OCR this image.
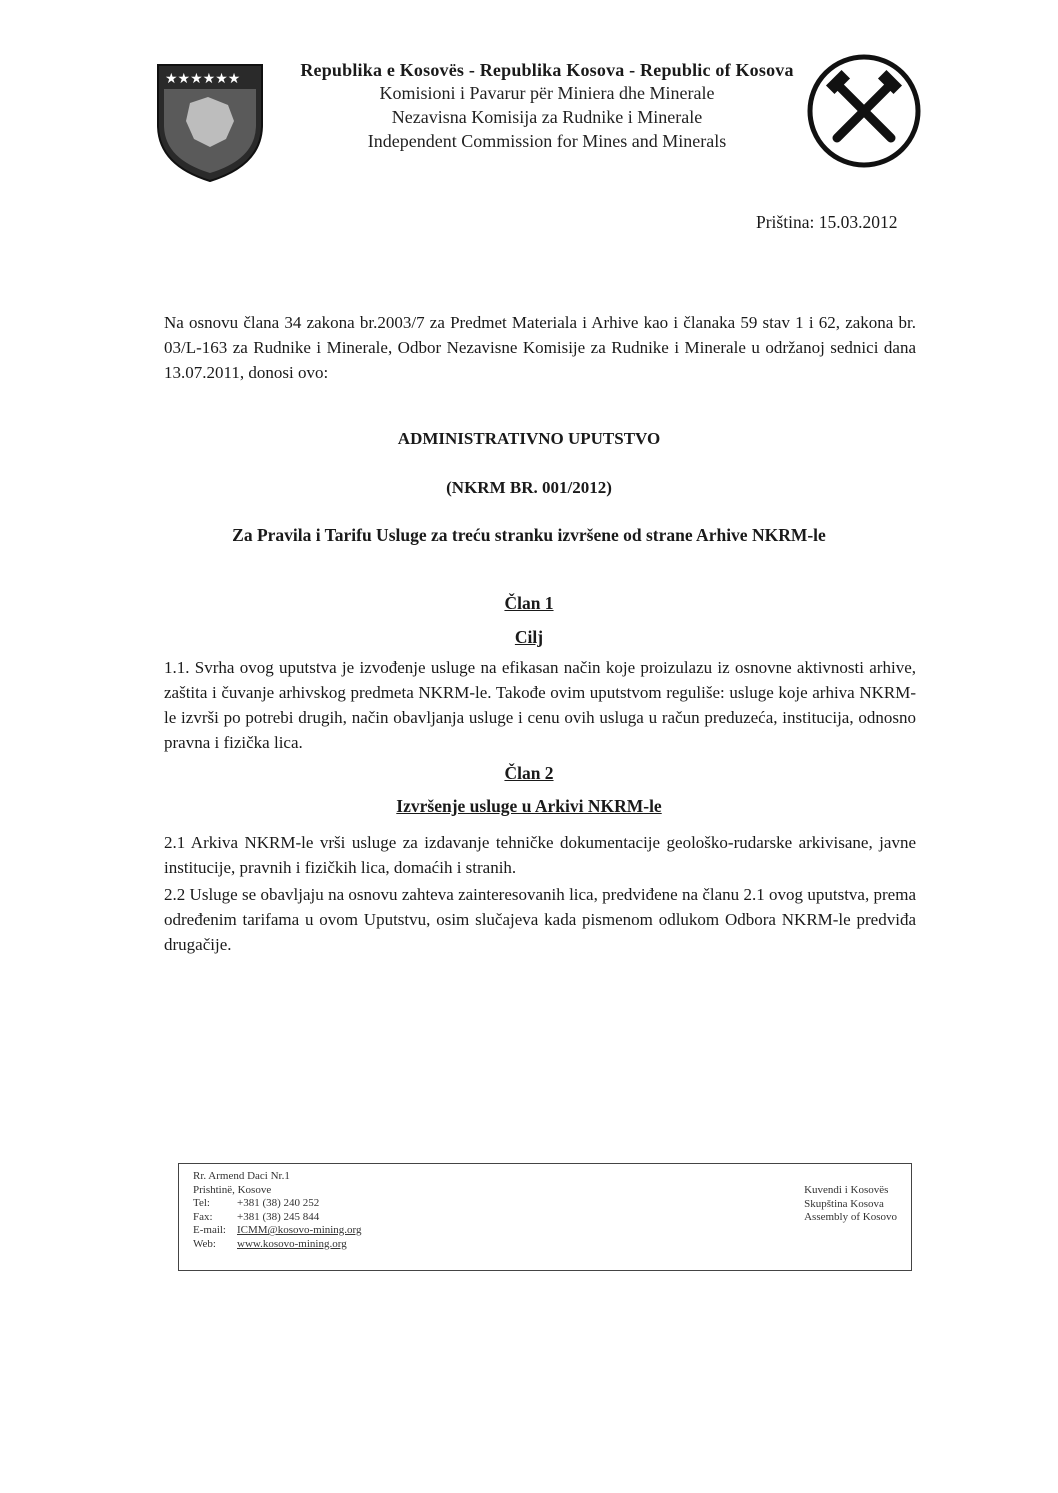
★★★★★★	Republika e Kosovës - Republika Kosova - Republic of Kosova
Komisioni i Pavarur për Miniera dhe Minerale
Nezavisna Komisija za Rudnike i Minerale
Independent Commission for Mines and Minerals
Priština: 15.03.2012
Na osnovu člana 34 zakona br.2003/7 za Predmet Materiala i Arhive kao i članaka 59 stav 1 i 62, zakona br. 03/L-163 za Rudnike i Minerale, Odbor Nezavisne Komisije za Rudnike i Minerale u održanoj sednici dana 13.07.2011, donosi ovo:
ADMINISTRATIVNO UPUTSTVO
(NKRM BR. 001/2012)
Za Pravila i Tarifu Usluge za treću stranku izvršene od strane Arhive NKRM-le
Član 1
Cilj
1.1. Svrha ovog uputstva je izvođenje usluge na efikasan način koje proizulazu iz osnovne aktivnosti arhive, zaštita i čuvanje arhivskog predmeta NKRM-le. Takođe ovim uputstvom reguliše: usluge koje arhiva NKRM-le izvrši po potrebi drugih, način obavljanja usluge i cenu ovih usluga u račun preduzeća, institucija, odnosno pravna i fizička lica.
Član 2
Izvršenje usluge u Arkivi NKRM-le
2.1 Arkiva NKRM-le vrši usluge za izdavanje tehničke dokumentacije geološko-rudarske arkivisane, javne institucije, pravnih i fizičkih lica, domaćih i stranih.
2.2 Usluge se obavljaju na osnovu zahteva zainteresovanih lica, predviđene na članu 2.1 ovog uputstva, prema određenim tarifama u ovom Uputstvu, osim slučajeva kada pismenom odlukom Odbora NKRM-le predviđa drugačije.
Rr. Armend Daci Nr.1
Prishtinë, Kosove
Tel:	+381 (38) 240 252
Fax:	+381 (38) 245 844
E-mail:	ICMM@kosovo-mining.org
Web:	www.kosovo-mining.org
Kuvendi i Kosovës
Skupština Kosova
Assembly of Kosovo
